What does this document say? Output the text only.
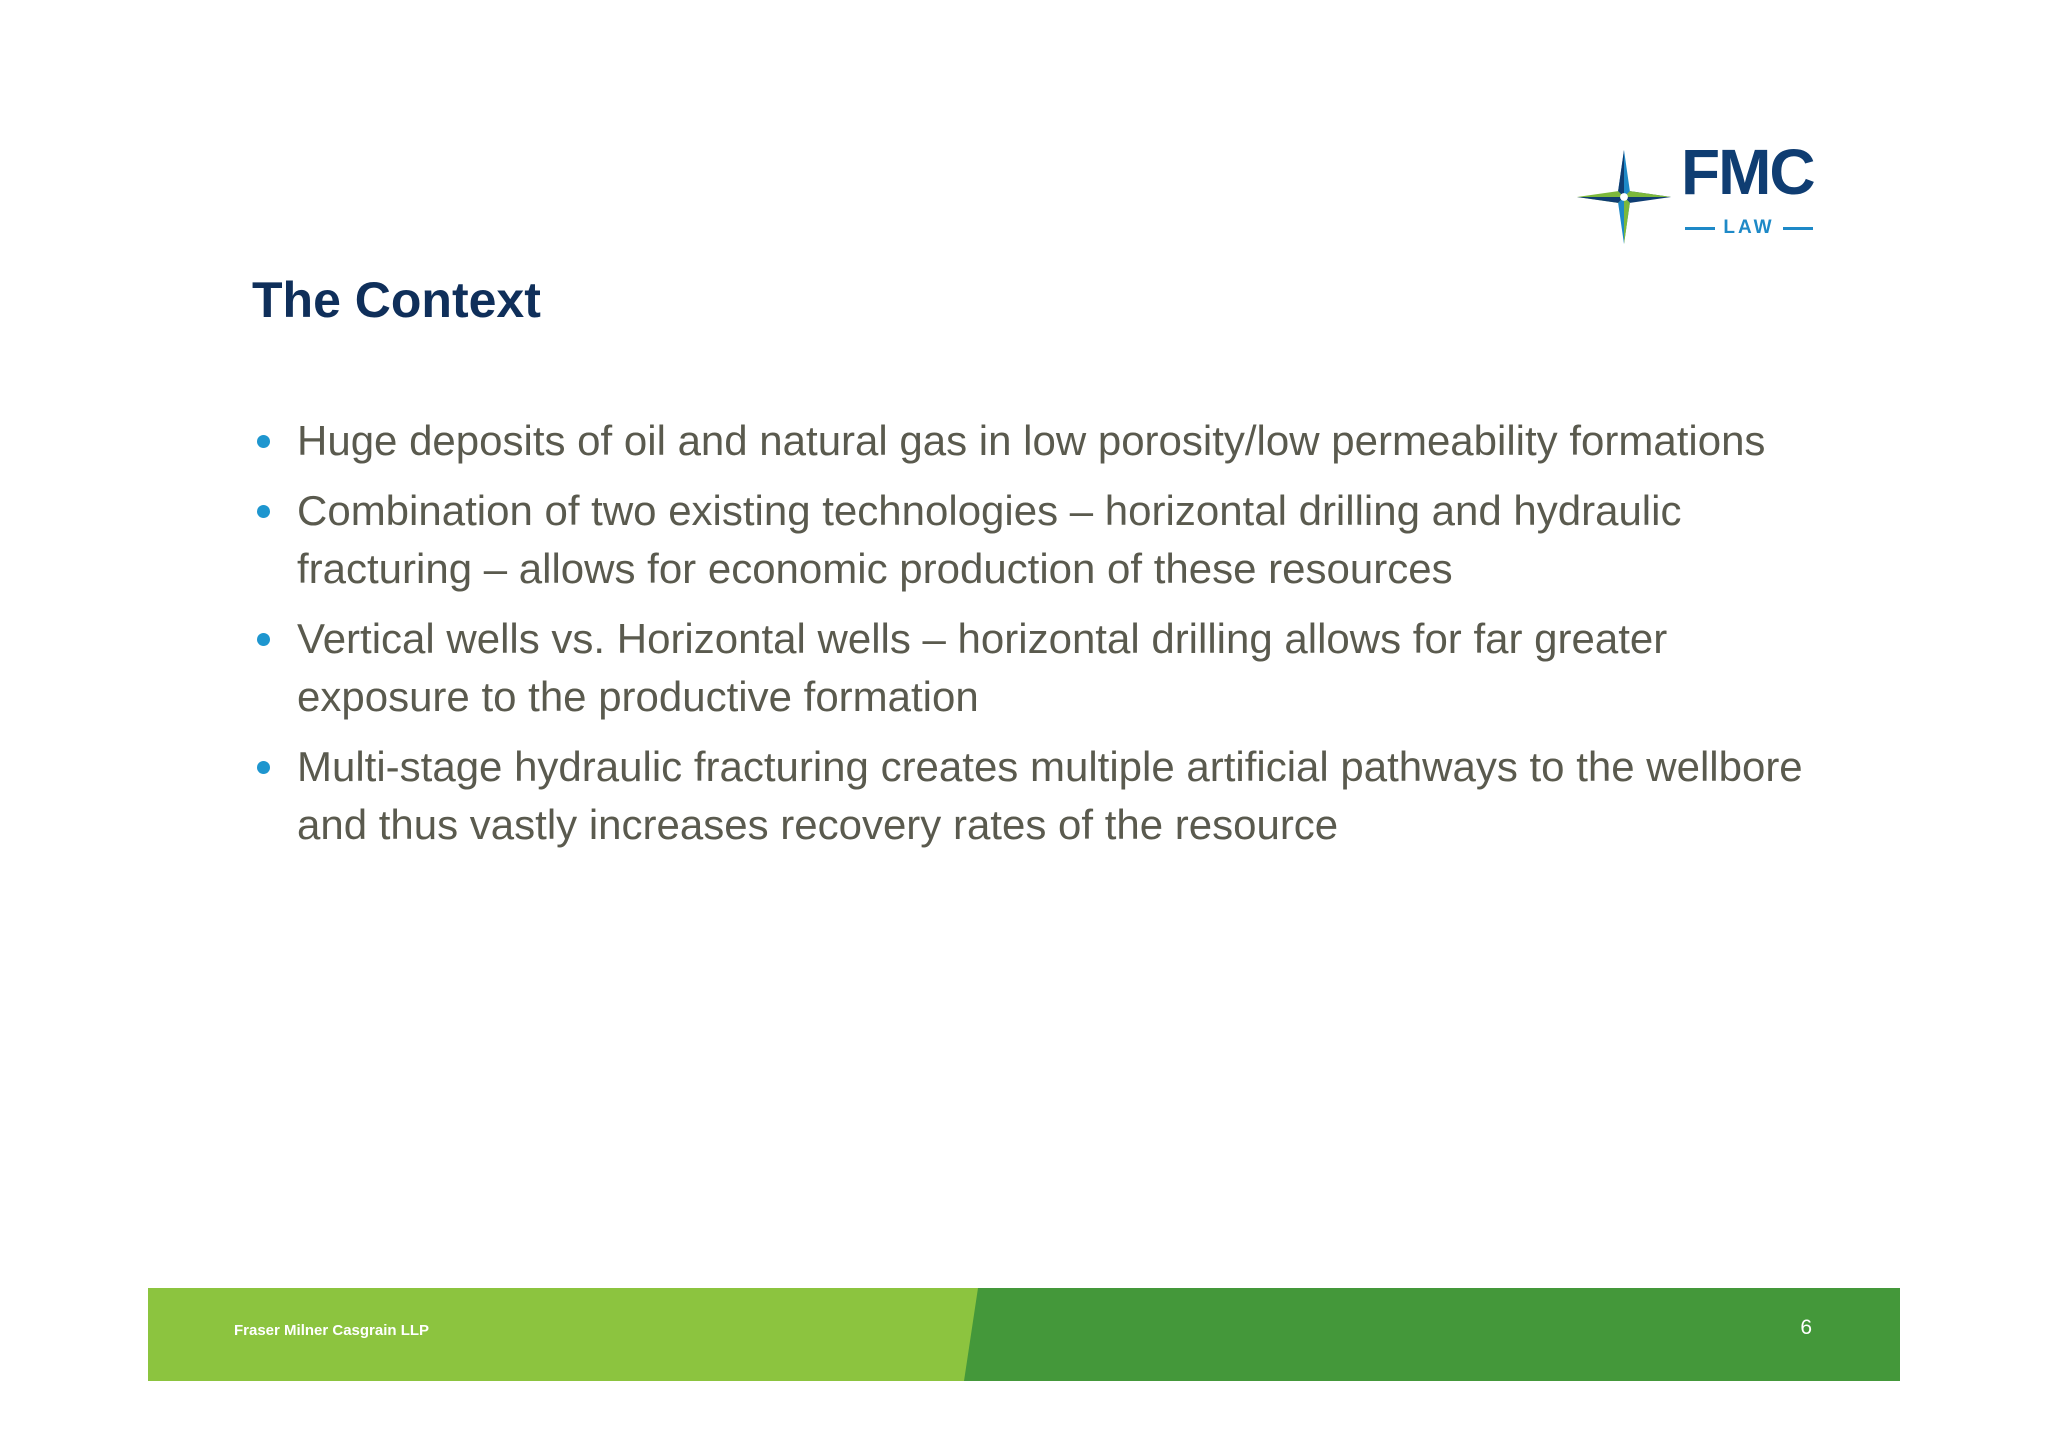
FMC
LAW
The Context
Huge deposits of oil and natural gas in low porosity/low permeability formations
Combination of two existing technologies – horizontal drilling and hydraulic fracturing – allows for economic production of these resources
Vertical wells vs. Horizontal wells – horizontal drilling allows for far greater exposure to the productive formation
Multi-stage hydraulic fracturing creates multiple artificial pathways to the wellbore and thus vastly increases recovery rates of the resource
Fraser Milner Casgrain LLP	6
